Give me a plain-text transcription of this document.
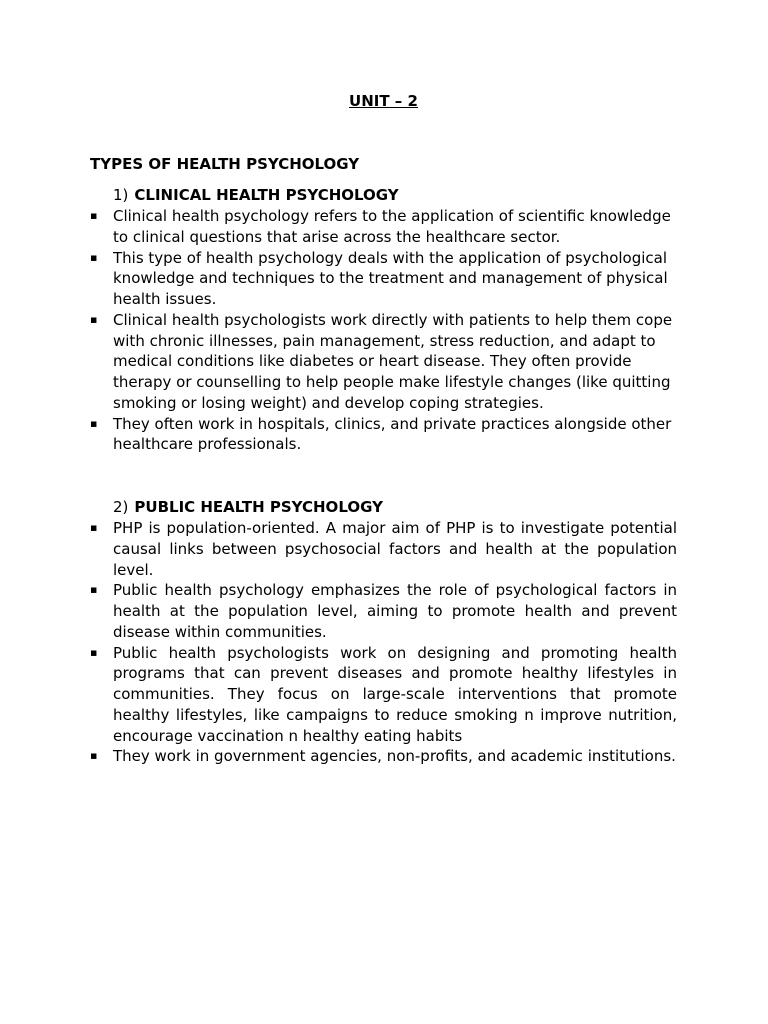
UNIT – 2
TYPES OF HEALTH PSYCHOLOGY
1) CLINICAL HEALTH PSYCHOLOGY
▪ Clinical health psychology refers to the application of scientific knowledge to clinical questions that arise across the healthcare sector.
▪ This type of health psychology deals with the application of psychological knowledge and techniques to the treatment and management of physical health issues.
▪ Clinical health psychologists work directly with patients to help them cope with chronic illnesses, pain management, stress reduction, and adapt to medical conditions like diabetes or heart disease. They often provide therapy or counselling to help people make lifestyle changes (like quitting smoking or losing weight) and develop coping strategies.
▪ They often work in hospitals, clinics, and private practices alongside other healthcare professionals.
2) PUBLIC HEALTH PSYCHOLOGY
▪ PHP is population-oriented. A major aim of PHP is to investigate potential causal links between psychosocial factors and health at the population level.
▪ Public health psychology emphasizes the role of psychological factors in health at the population level, aiming to promote health and prevent disease within communities.
▪ Public health psychologists work on designing and promoting health programs that can prevent diseases and promote healthy lifestyles in communities. They focus on large-scale interventions that promote healthy lifestyles, like campaigns to reduce smoking n improve nutrition, encourage vaccination n healthy eating habits
▪ They work in government agencies, non-profits, and academic institutions.
